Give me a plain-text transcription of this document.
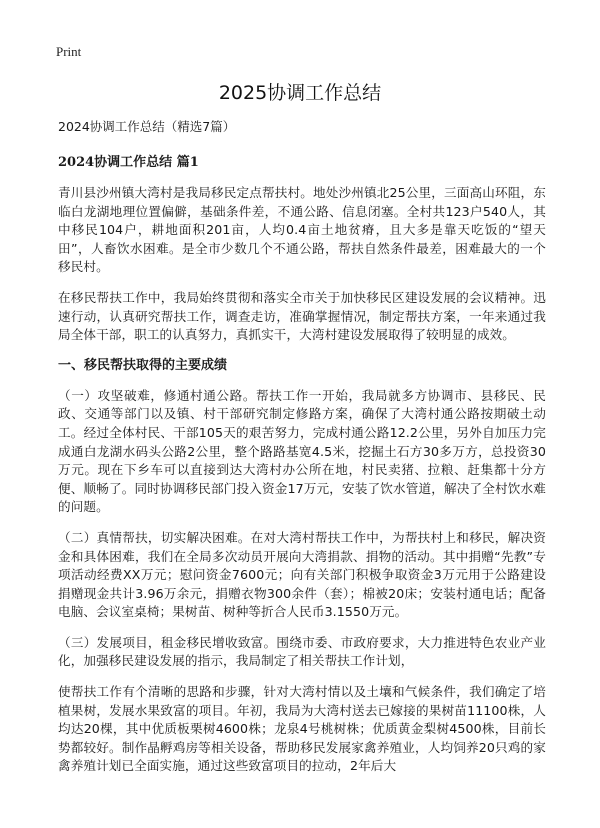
Print
2025协调工作总结

2024协调工作总结（精选7篇）

2024协调工作总结 篇1

青川县沙州镇大湾村是我局移民定点帮扶村。地处沙州镇北25公里，三面高山环阻，东临白龙湖地理位置偏僻，基础条件差，不通公路、信息闭塞。全村共123户540人，其中移民104户，耕地面积201亩，人均0.4亩土地贫瘠，且大多是靠天吃饭的“望天田”，人畜饮水困难。是全市少数几个不通公路，帮扶自然条件最差，困难最大的一个移民村。

在移民帮扶工作中，我局始终贯彻和落实全市关于加快移民区建设发展的会议精神。迅速行动，认真研究帮扶工作，调查走访，准确掌握情况，制定帮扶方案，一年来通过我局全体干部，职工的认真努力，真抓实干，大湾村建设发展取得了较明显的成效。

一、移民帮扶取得的主要成绩

（一）攻坚破难，修通村通公路。帮扶工作一开始，我局就多方协调市、县移民、民政、交通等部门以及镇、村干部研究制定修路方案，确保了大湾村通公路按期破土动工。经过全体村民、干部105天的艰苦努力，完成村通公路12.2公里，另外自加压力完成通白龙湖水码头公路2公里，整个路路基宽4.5米，挖掘土石方30多万方，总投资30万元。现在下乡车可以直接到达大湾村办公所在地，村民卖猪、拉粮、赶集都十分方便、顺畅了。同时协调移民部门投入资金17万元，安装了饮水管道，解决了全村饮水难的问题。

（二）真情帮扶，切实解决困难。在对大湾村帮扶工作中，为帮扶村上和移民，解决资金和具体困难，我们在全局多次动员开展向大湾捐款、捐物的活动。其中捐赠“先教”专项活动经费XX万元；慰问资金7600元；向有关部门积极争取资金3万元用于公路建设捐赠现金共计3.96万余元，捐赠衣物300余件（套）；棉被20床；安装村通电话；配备电脑、会议室桌椅；果树苗、树种等折合人民币3.1550万元。

（三）发展项目，租金移民增收致富。围绕市委、市政府要求，大力推进特色农业产业化，加强移民建设发展的指示，我局制定了相关帮扶工作计划，

使帮扶工作有个清晰的思路和步骤，针对大湾村情以及土壤和气候条件，我们确定了培植果树，发展水果致富的项目。年初，我局为大湾村送去已嫁接的果树苗11100株，人均达20棵，其中优质板栗树4600株；龙泉4号桃树株；优质黄金梨树4500株，目前长势都较好。制作晶孵鸡房等相关设备，帮助移民发展家禽养殖业，人均饲养20只鸡的家禽养殖计划已全面实施，通过这些致富项目的拉动，2年后大
